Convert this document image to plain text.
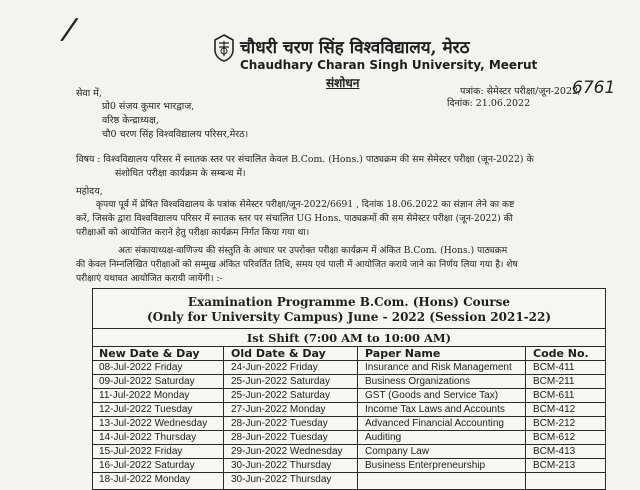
/
चौधरी चरण सिंह विश्वविद्यालय, मेरठ
Chaudhary Charan Singh University, Meerut
संशोधन
पत्रांक: सेमेस्टर परीक्षा/जून-2022/
6761
दिनांक: 21.06.2022
सेवा में,
प्रो0 संजय कुमार भारद्वाज,
वरिष्ठ केन्द्राध्यक्ष,
चौ0 चरण सिंह विश्वविद्यालय परिसर,मेरठ।
विषय : विश्वविद्यालय परिसर में स्नातक स्तर पर संचालित केवल B.Com. (Hons.) पाठ्यक्रम की सम सेमेस्टर परीक्षा (जून-2022) के
संशोधित परीक्षा कार्यक्रम के सम्बन्ध में।
महोदय,
कृपया पूर्व में प्रेषित विश्वविद्यालय के पत्रांक सेमेस्टर परीक्षा/जून-2022/6691 , दिनांक 18.06.2022 का संज्ञान लेने का कष्ट
करें, जिसके द्वारा विश्वविद्यालय परिसर में स्नातक स्तर पर संचालित UG Hons. पाठ्यक्रमों की सम सेमेस्टर परीक्षा (जून-2022) की
परीक्षाओं को आयोजित कराने हेतु परीक्षा कार्यक्रम निर्गत किया गया था।
अतः संकायाध्यक्ष-वाणिज्य की संस्तुति के आधार पर उपरोक्त परीक्षा कार्यक्रम में अंकित B.Com. (Hons.) पाठ्यक्रम
की केवल निम्नलिखित परीक्षाओं को सम्मुख अंकित परिवर्तित तिथि, समय एवं पाली में आयोजित कराये जाने का निर्णय लिया गया है। शेष
परीक्षाएं यथावत आयोजित करायी जायेंगी। :-
Examination Programme B.Com. (Hons) Course
(Only for University Campus) June - 2022 (Session 2021-22)
Ist Shift (7:00 AM to 10:00 AM)
New Date & Day	Old Date & Day	Paper Name	Code No.
08-Jul-2022 Friday	24-Jun-2022 Friday	Insurance and Risk Management BCM-411
09-Jul-2022 Saturday	25-Jun-2022 Saturday	Business Organizations	BCM-211
11-Jul-2022 Monday	25-Jun-2022 Saturday	GST (Goods and Service Tax)	BCM-611
12-Jul-2022 Tuesday	27-Jun-2022 Monday	Income Tax Laws and Accounts	BCM-412
13-Jul-2022 Wednesday 28-Jun-2022 Tuesday	Advanced Financial Accounting	BCM-212
14-Jul-2022 Thursday	28-Jun-2022 Tuesday	Auditing	BCM-612
15-Jul-2022 Friday	29-Jun-2022 Wednesday Company Law	BCM-413
16-Jul-2022 Saturday	30-Jun-2022 Thursday	Business Enterpreneurship	BCM-213
18-Jul-2022 Monday	30-Jun-2022 Thursday
